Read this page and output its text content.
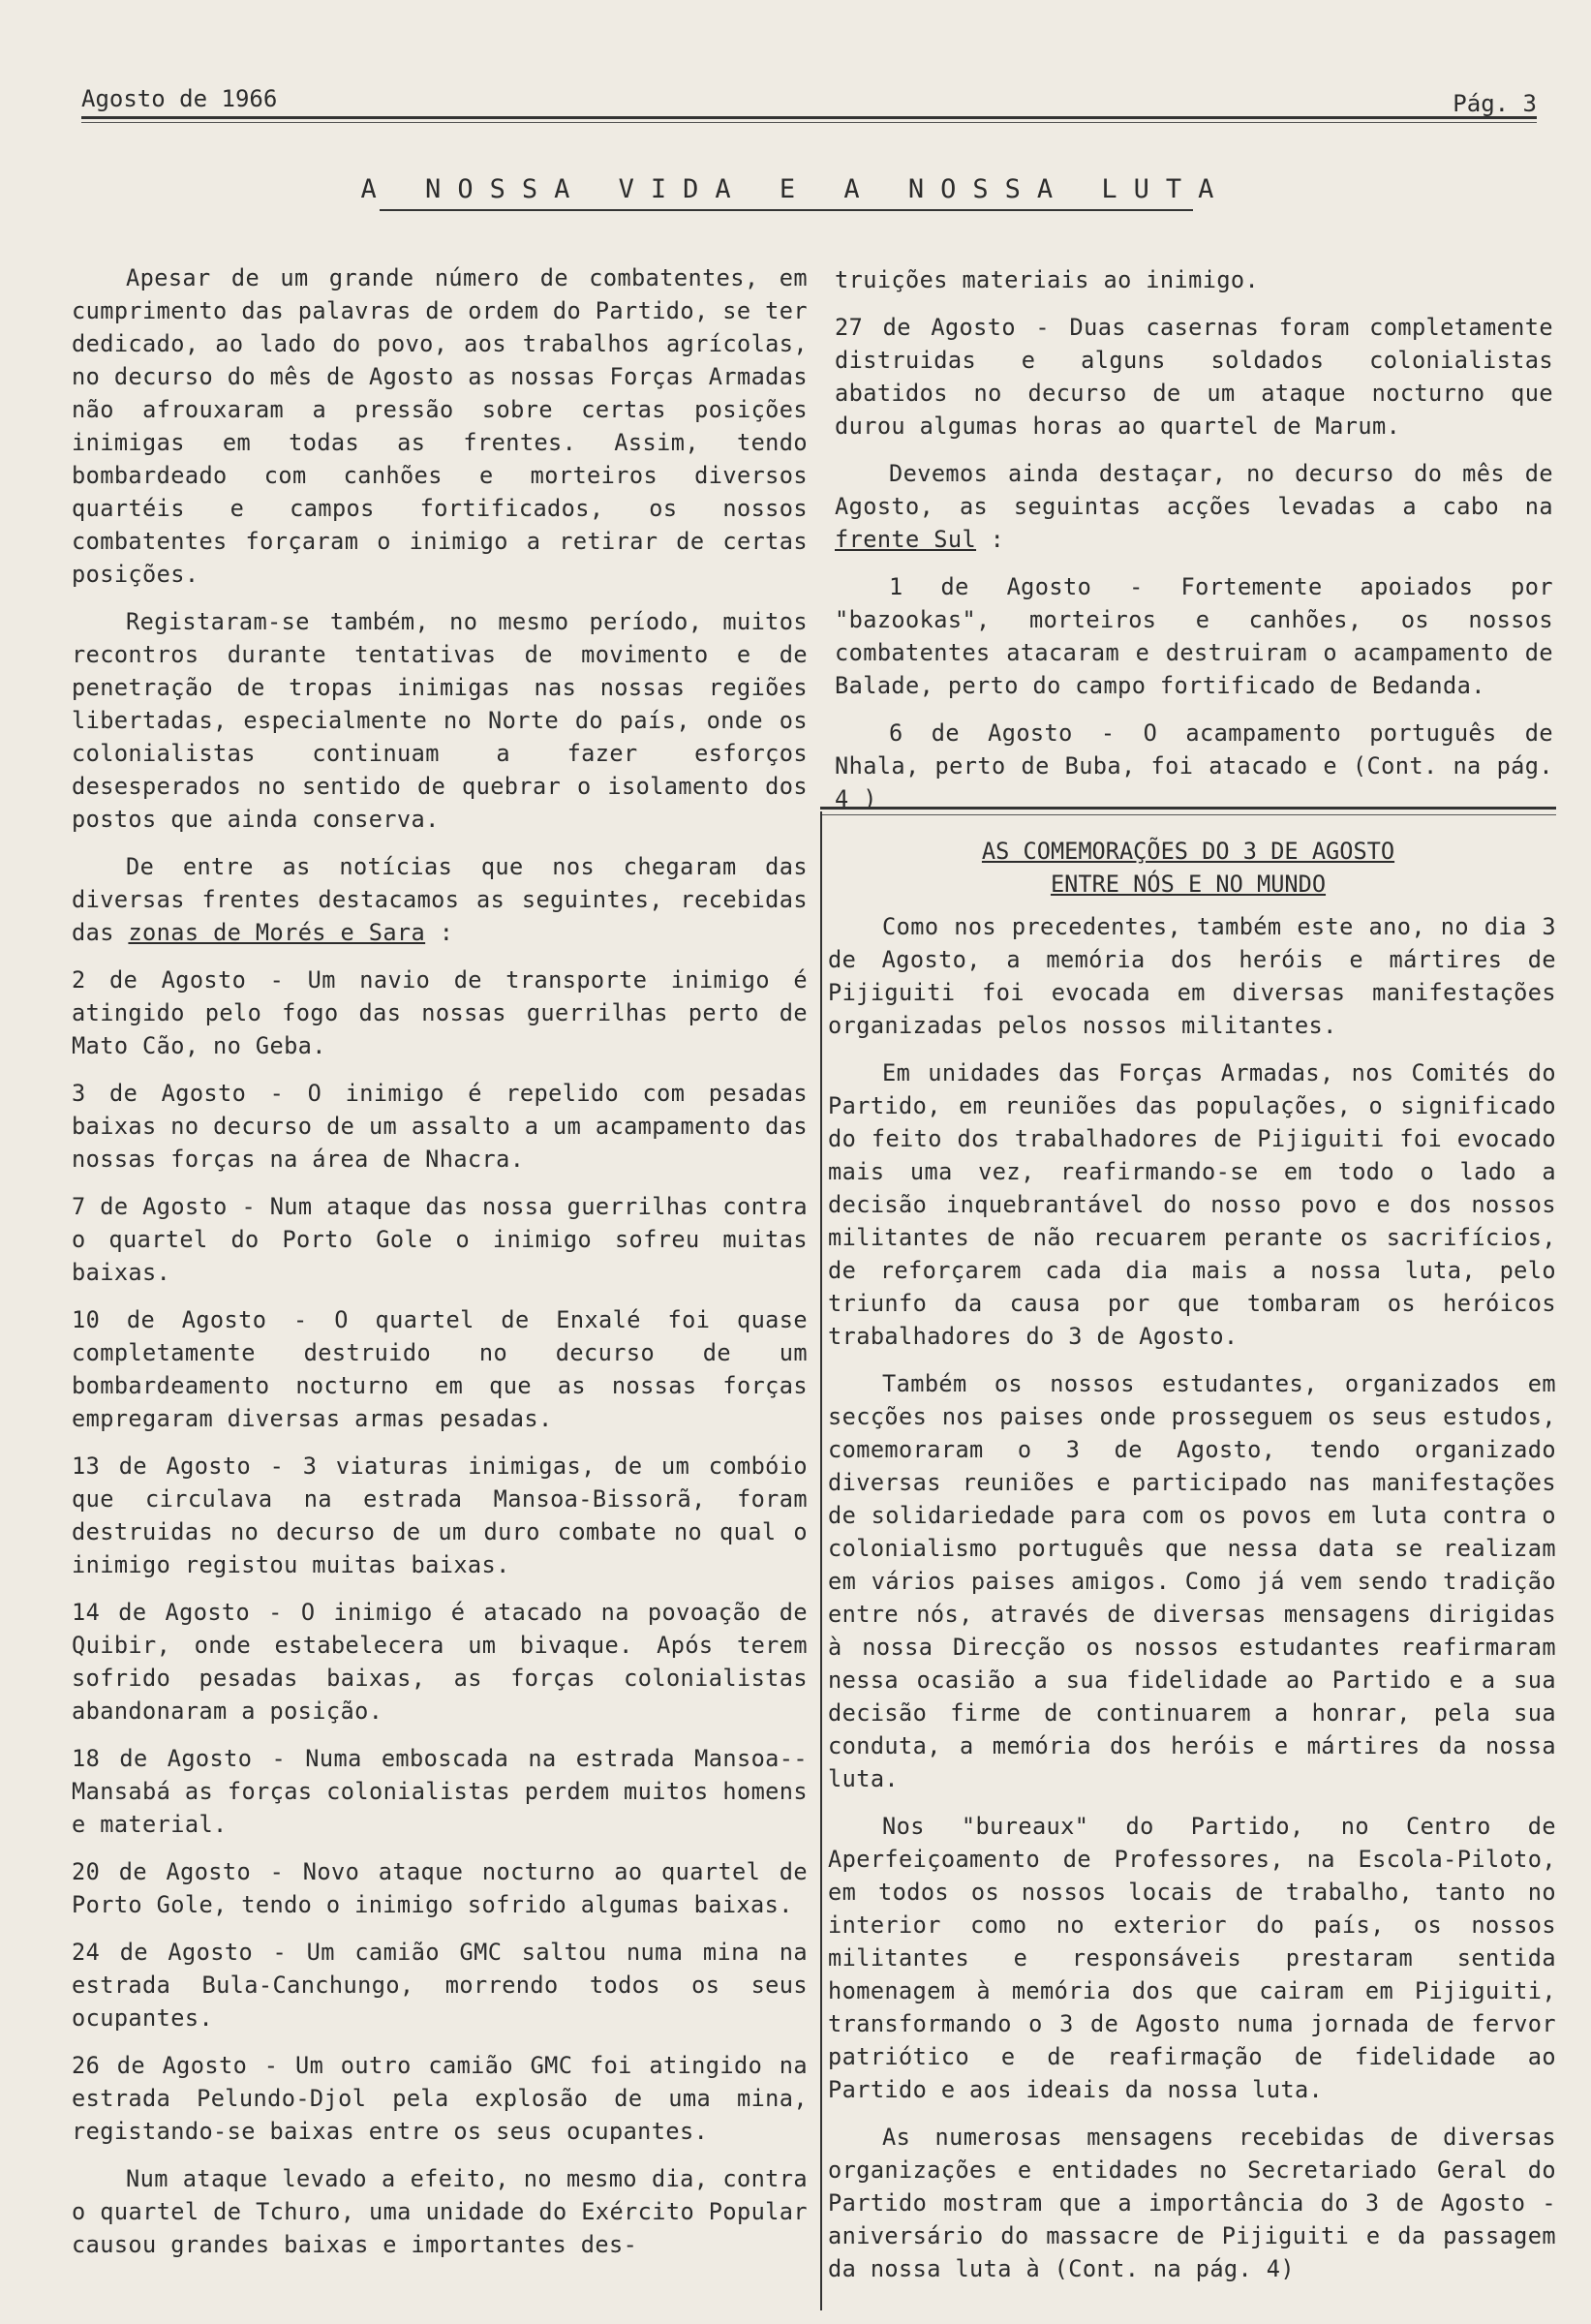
Agosto de 1966	Pág. 3
A NOSSA VIDA E A NOSSA LUTA

Apesar de um grande número de combatentes, em cumprimento das palavras de ordem do Partido, se ter dedicado, ao lado do povo, aos trabalhos agrícolas, no decurso do mês de Agosto as nossas Forças Armadas não afrouxaram a pressão sobre certas posições inimigas em todas as frentes. Assim, tendo bombardeado com canhões e morteiros diversos quartéis e campos fortificados, os nossos combatentes forçaram o inimigo a retirar de certas posições.

Registaram-se também, no mesmo período, muitos recontros durante tentativas de movimento e de penetração de tropas inimigas nas nossas regiões libertadas, especialmente no Norte do país, onde os colonialistas continuam a fazer esforços desesperados no sentido de quebrar o isolamento dos postos que ainda conserva.

De entre as notícias que nos chegaram das diversas frentes destacamos as seguintes, recebidas das zonas de Morés e Sara :

2 de Agosto - Um navio de transporte inimigo é atingido pelo fogo das nossas guerrilhas perto de Mato Cão, no Geba.

3 de Agosto - O inimigo é repelido com pesadas baixas no decurso de um assalto a um acampamento das nossas forças na área de Nhacra.

7 de Agosto - Num ataque das nossa guerrilhas contra o quartel do Porto Gole o inimigo sofreu muitas baixas.

10 de Agosto - O quartel de Enxalé foi quase completamente destruido no decurso de um bombardeamento nocturno em que as nossas forças empregaram diversas armas pesadas.

13 de Agosto - 3 viaturas inimigas, de um combóio que circulava na estrada Mansoa-Bissorã, foram destruidas no decurso de um duro combate no qual o inimigo registou muitas baixas.

14 de Agosto - O inimigo é atacado na povoação de Quibir, onde estabelecera um bivaque. Após terem sofrido pesadas baixas, as forças colonialistas abandonaram a posição.

18 de Agosto - Numa emboscada na estrada Mansoa--Mansabá as forças colonialistas perdem muitos homens e material.

20 de Agosto - Novo ataque nocturno ao quartel de Porto Gole, tendo o inimigo sofrido algumas baixas.

24 de Agosto - Um camião GMC saltou numa mina na estrada Bula-Canchungo, morrendo todos os seus ocupantes.

26 de Agosto - Um outro camião GMC foi atingido na estrada Pelundo-Djol pela explosão de uma mina, registando-se baixas entre os seus ocupantes.

Num ataque levado a efeito, no mesmo dia, contra o quartel de Tchuro, uma unidade do Exército Popular causou grandes baixas e importantes des-

truições materiais ao inimigo.

27 de Agosto - Duas casernas foram completamente distruidas e alguns soldados colonialistas abatidos no decurso de um ataque nocturno que durou algumas horas ao quartel de Marum.

Devemos ainda destaçar, no decurso do mês de Agosto, as seguintas acções levadas a cabo na frente Sul :

1 de Agosto - Fortemente apoiados por "bazookas", morteiros e canhões, os nossos combatentes atacaram e destruiram o acampamento de Balade, perto do campo fortificado de Bedanda.

6 de Agosto - O acampamento português de Nhala, perto de Buba, foi atacado e (Cont. na pág. 4 )

AS COMEMORAÇÕES DO 3 DE AGOSTO
ENTRE NÓS E NO MUNDO

Como nos precedentes, também este ano, no dia 3 de Agosto, a memória dos heróis e mártires de Pijiguiti foi evocada em diversas manifestações organizadas pelos nossos militantes.

Em unidades das Forças Armadas, nos Comités do Partido, em reuniões das populações, o significado do feito dos trabalhadores de Pijiguiti foi evocado mais uma vez, reafirmando-se em todo o lado a decisão inquebrantável do nosso povo e dos nossos militantes de não recuarem perante os sacrifícios, de reforçarem cada dia mais a nossa luta, pelo triunfo da causa por que tombaram os heróicos trabalhadores do 3 de Agosto.

Também os nossos estudantes, organizados em secções nos paises onde prosseguem os seus estudos, comemoraram o 3 de Agosto, tendo organizado diversas reuniões e participado nas manifestações de solidariedade para com os povos em luta contra o colonialismo português que nessa data se realizam em vários paises amigos. Como já vem sendo tradição entre nós, através de diversas mensagens dirigidas à nossa Direcção os nossos estudantes reafirmaram nessa ocasião a sua fidelidade ao Partido e a sua decisão firme de continuarem a honrar, pela sua conduta, a memória dos heróis e mártires da nossa luta.

Nos "bureaux" do Partido, no Centro de Aperfeiçoamento de Professores, na Escola-Piloto, em todos os nossos locais de trabalho, tanto no interior como no exterior do país, os nossos militantes e responsáveis prestaram sentida homenagem à memória dos que cairam em Pijiguiti, transformando o 3 de Agosto numa jornada de fervor patriótico e de reafirmação de fidelidade ao Partido e aos ideais da nossa luta.

As numerosas mensagens recebidas de diversas organizações e entidades no Secretariado Geral do Partido mostram que a importância do 3 de Agosto - aniversário do massacre de Pijiguiti e da passagem da nossa luta à (Cont. na pág. 4)
